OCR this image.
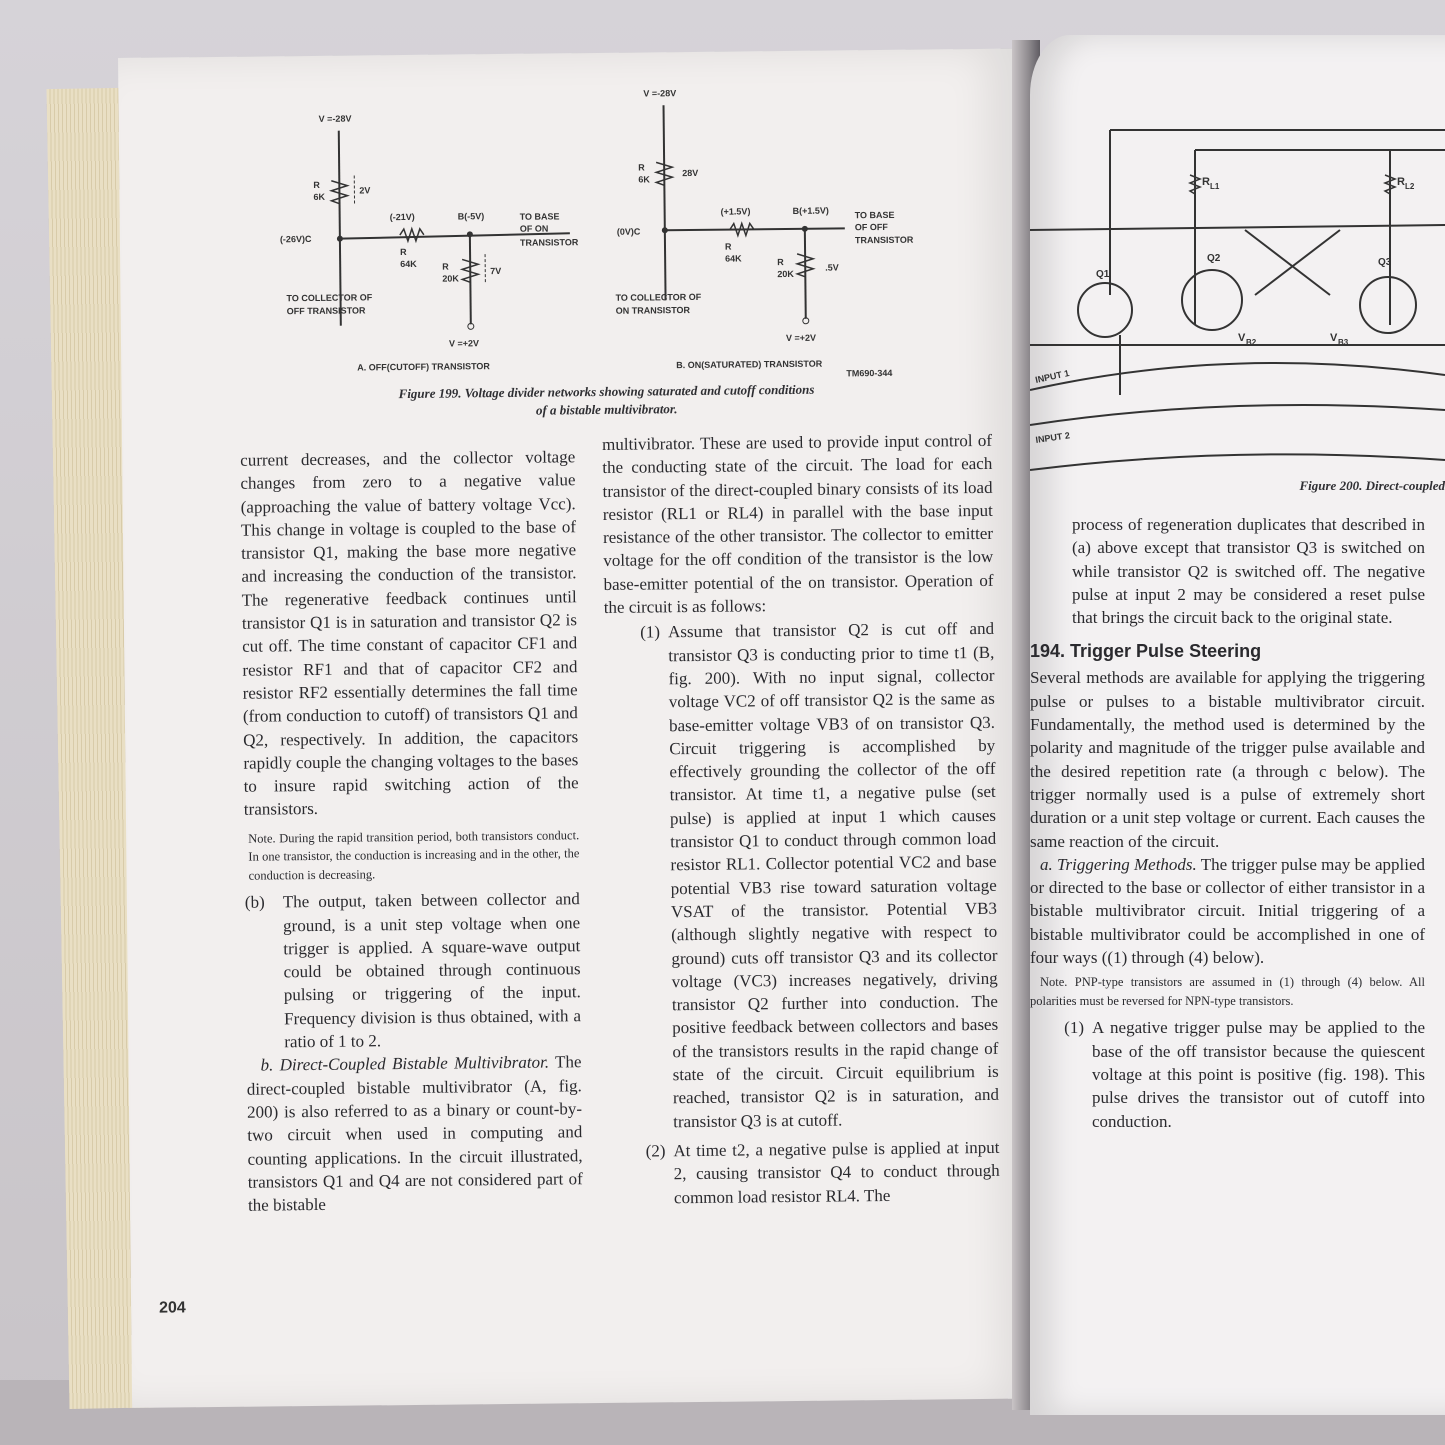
V =-28V
R
6K
2V
(-26V)C
(-21V)	B(-5V)
R
64K	R
20K
7V
TO BASE
OF ON
TRANSISTOR
TO COLLECTOR OF
OFF TRANSISTOR
V =+2V
A. OFF(CUTOFF) TRANSISTOR
V =-28V
R
6K
28V
(0V)C
(+1.5V)	B(+1.5V)
R
64K	R
20K
.5V
TO BASE
OF OFF
TRANSISTOR
TO COLLECTOR OF
ON TRANSISTOR
V =+2V
B. ON(SATURATED) TRANSISTOR
TM690-344
Figure 199. Voltage divider networks showing saturated and cutoff conditions
of a bistable multivibrator.
current decreases, and the collector voltage changes from zero to a negative value (approaching the value of battery voltage Vcc). This change in voltage is coupled to the base of transistor Q1, making the base more negative and increasing the conduction of the transistor. The regenerative feedback continues until transistor Q1 is in saturation and transistor Q2 is cut off. The time constant of capacitor CF1 and resistor RF1 and that of capacitor CF2 and resistor RF2 essentially determines the fall time (from conduction to cutoff) of transistors Q1 and Q2, respectively. In addition, the capacitors rapidly couple the changing voltages to the bases to insure rapid switching action of the transistors.
Note. During the rapid transition period, both transistors conduct. In one transistor, the conduction is increasing and in the other, the conduction is decreasing.
(b)	The output, taken between collector and ground, is a unit step voltage when one trigger is applied. A square-wave output could be obtained through continuous pulsing or triggering of the input. Frequency division is thus obtained, with a ratio of 1 to 2.
b. Direct-Coupled Bistable Multivibrator. The direct-coupled bistable multivibrator (A, fig. 200) is also referred to as a binary or count-by-two circuit when used in computing and counting applications. In the circuit illustrated, transistors Q1 and Q4 are not considered part of the bistable
multivibrator. These are used to provide input control of the conducting state of the circuit. The load for each transistor of the direct-coupled binary consists of its load resistor (RL1 or RL4) in parallel with the base input resistance of the other transistor. The collector to emitter voltage for the off condition of the transistor is the low base-emitter potential of the on transistor. Operation of the circuit is as follows:
(1) Assume that transistor Q2 is cut off and transistor Q3 is conducting prior to time t1 (B, fig. 200). With no input signal, collector voltage VC2 of off transistor Q2 is the same as base-emitter voltage VB3 of on transistor Q3. Circuit triggering is accomplished by effectively grounding the collector of the off transistor. At time t1, a negative pulse (set pulse) is applied at input 1 which causes transistor Q1 to conduct through common load resistor RL1. Collector potential VC2 and base potential VB3 rise toward saturation voltage VSAT of the transistor. Potential VB3 (although slightly negative with respect to ground) cuts off transistor Q3 and its collector voltage (VC3) increases negatively, driving transistor Q2 further into conduction. The positive feedback between collectors and bases of the transistors results in the rapid change of state of the circuit. Circuit equilibrium is reached, transistor Q2 is in saturation, and transistor Q3 is at cutoff.
(2) At time t2, a negative pulse is applied at input 2, causing transistor Q4 to conduct through common load resistor RL4. The
204
R L1	R L2
Q1
Q2	Q3
V B2	V B3
INPUT 1
INPUT 2
Figure 200. Direct-coupled
process of regeneration duplicates that described in (a) above except that transistor Q3 is switched on while transistor Q2 is switched off. The negative pulse at input 2 may be considered a reset pulse that brings the circuit back to the original state.
194. Trigger Pulse Steering
Several methods are available for applying the triggering pulse or pulses to a bistable multivibrator circuit. Fundamentally, the method used is determined by the polarity and magnitude of the trigger pulse available and the desired repetition rate (a through c below). The trigger normally used is a pulse of extremely short duration or a unit step voltage or current. Each causes the same reaction of the circuit.
a. Triggering Methods. The trigger pulse may be applied or directed to the base or collector of either transistor in a bistable multivibrator circuit. Initial triggering of a bistable multivibrator could be accomplished in one of four ways ((1) through (4) below).
Note. PNP-type transistors are assumed in (1) through (4) below. All polarities must be reversed for NPN-type transistors.
(1) A negative trigger pulse may be applied to the base of the off transistor because the quiescent voltage at this point is positive (fig. 198). This pulse drives the transistor out of cutoff into conduction.
